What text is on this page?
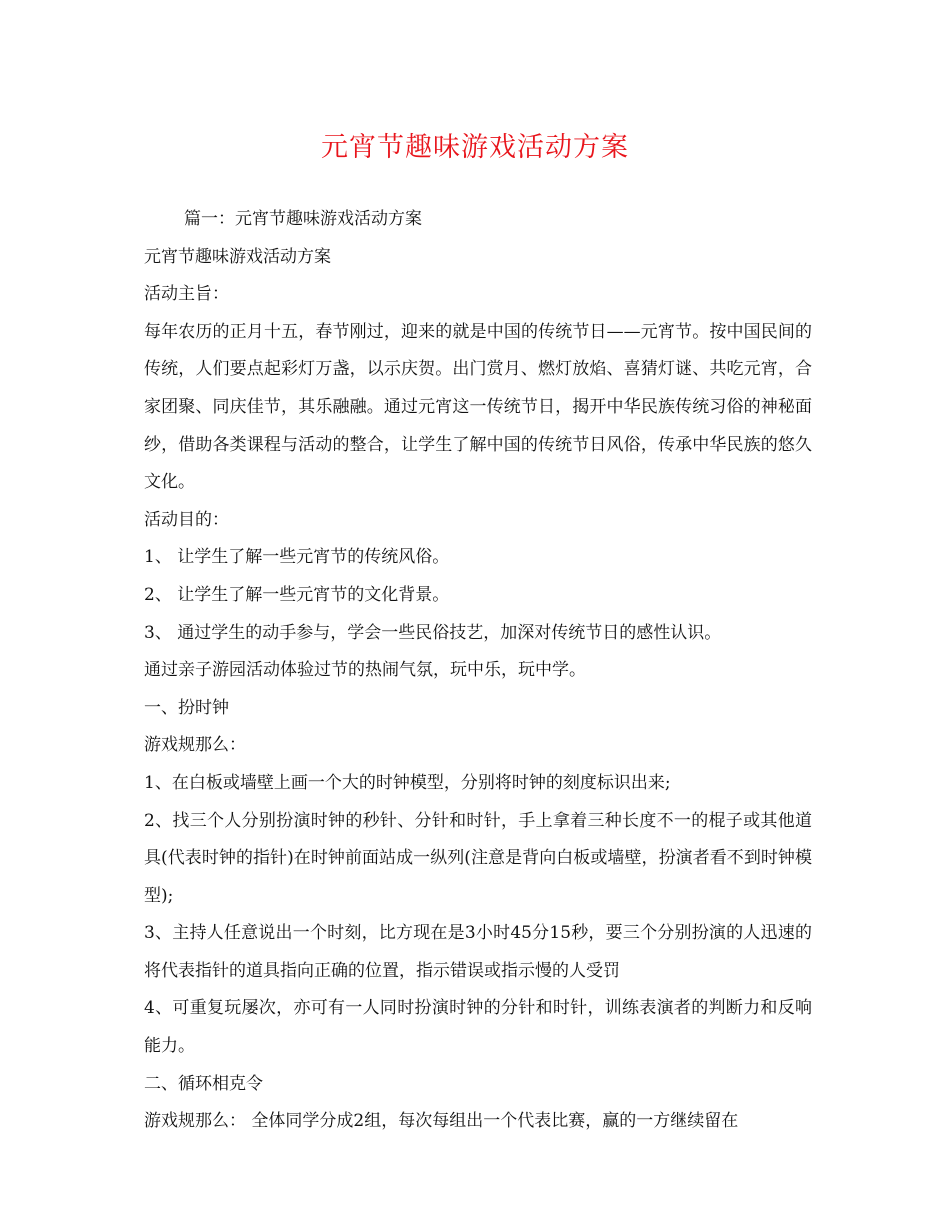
元宵节趣味游戏活动方案

篇一：元宵节趣味游戏活动方案

元宵节趣味游戏活动方案

活动主旨：

每年农历的正月十五，春节刚过，迎来的就是中国的传统节日——元宵节。按中国民间的传统，人们要点起彩灯万盏，以示庆贺。出门赏月、燃灯放焰、喜猜灯谜、共吃元宵，合家团聚、同庆佳节，其乐融融。通过元宵这一传统节日，揭开中华民族传统习俗的神秘面纱，借助各类课程与活动的整合，让学生了解中国的传统节日风俗，传承中华民族的悠久文化。

活动目的：

1、 让学生了解一些元宵节的传统风俗。

2、 让学生了解一些元宵节的文化背景。

3、 通过学生的动手参与，学会一些民俗技艺，加深对传统节日的感性认识。

通过亲子游园活动体验过节的热闹气氛，玩中乐，玩中学。

一、扮时钟

游戏规那么：

1、在白板或墙壁上画一个大的时钟模型，分别将时钟的刻度标识出来;

2、找三个人分别扮演时钟的秒针、分针和时针，手上拿着三种长度不一的棍子或其他道具(代表时钟的指针)在时钟前面站成一纵列(注意是背向白板或墙壁，扮演者看不到时钟模型);

3、主持人任意说出一个时刻，比方现在是3小时45分15秒，要三个分别扮演的人迅速的将代表指针的道具指向正确的位置，指示错误或指示慢的人受罚

4、可重复玩屡次，亦可有一人同时扮演时钟的分针和时针，训练表演者的判断力和反响能力。

二、循环相克令

游戏规那么： 全体同学分成2组，每次每组出一个代表比赛，赢的一方继续留在
